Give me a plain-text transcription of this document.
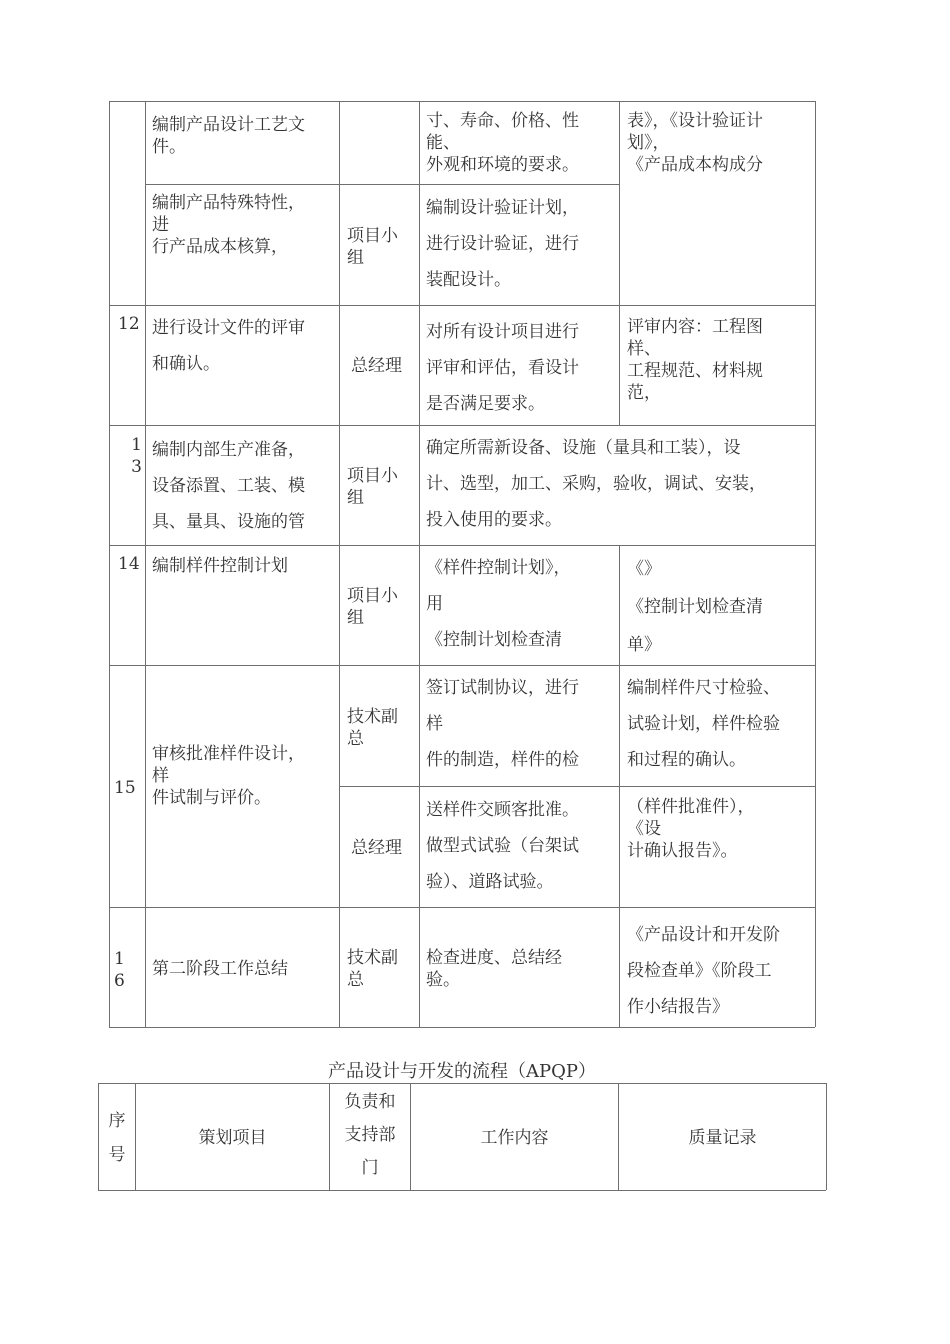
编制产品设计工艺文
件。
寸、寿命、价格、性
能、
外观和环境的要求。
表》，《设计验证计
划》，
《产品成本构成分
编制产品特殊特性，
进
行产品成本核算，
项目小
组
编制设计验证计划，
进行设计验证，进行
装配设计。
12 进行设计文件的评审
和确认。	总经理
对所有设计项目进行
评审和评估，看设计
是否满足要求。
评审内容：工程图
样、
工程规范、材料规
范，
1
3
编制内部生产准备，
设备添置、工装、模
具、量具、设施的管
项目小
组
确定所需新设备、设施（量具和工装），设
计、选型，加工、采购，验收，调试、安装，
投入使用的要求。
14 编制样件控制计划
项目小
组
《样件控制计划》，
用
《控制计划检查清
《》
《控制计划检查清
单》
15
审核批准样件设计，
样
件试制与评价。
技术副
总
签订试制协议，进行
样
件的制造，样件的检
编制样件尺寸检验、
试验计划，样件检验
和过程的确认。
总经理
送样件交顾客批准。
做型式试验（台架试
验）、道路试验。
（样件批准件），
《设
计确认报告》。
1
6
第二阶段工作总结
技术副
总
检查进度、总结经
验。
《产品设计和开发阶
段检查单》《阶段工
作小结报告》
产品设计与开发的流程（APQP）
序
号
策划项目
负责和
支持部
门
工作内容	质量记录
